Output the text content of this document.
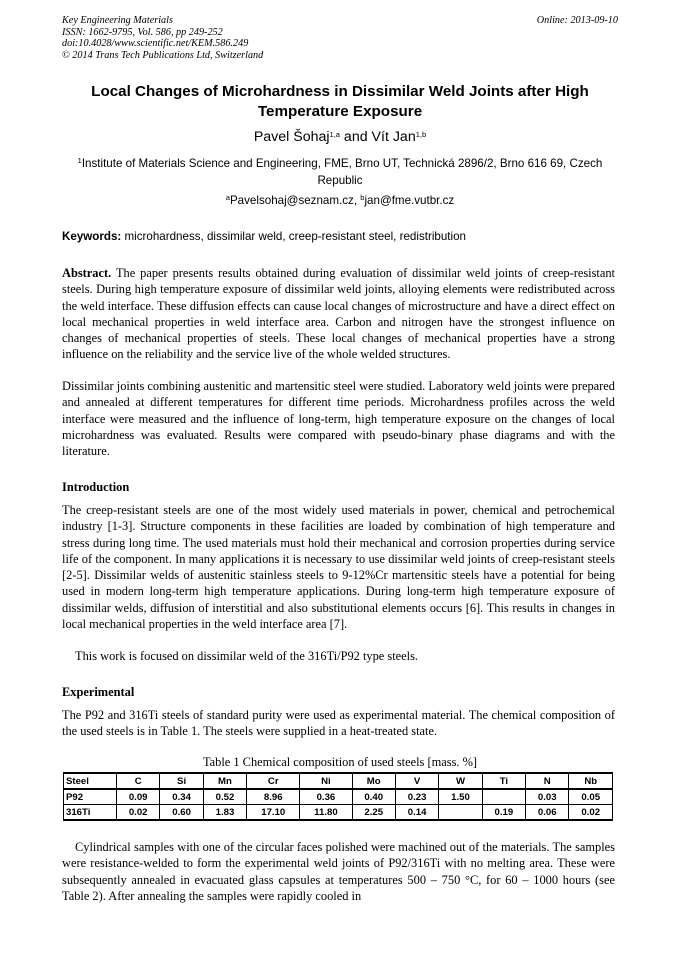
Key Engineering Materials
ISSN: 1662-9795, Vol. 586, pp 249-252
doi:10.4028/www.scientific.net/KEM.586.249
© 2014 Trans Tech Publications Ltd, Switzerland
Online: 2013-09-10
Local Changes of Microhardness in Dissimilar Weld Joints after High Temperature Exposure
Pavel Šohaj$^{1,a}$ and Vít Jan$^{1,b}$
$^1$Institute of Materials Science and Engineering, FME, Brno UT, Technická 2896/2, Brno 616 69, Czech Republic
$^a$Pavelsohaj@seznam.cz, $^b$jan@fme.vutbr.cz
Keywords: microhardness, dissimilar weld, creep-resistant steel, redistribution
Abstract. The paper presents results obtained during evaluation of dissimilar weld joints of creep-resistant steels. During high temperature exposure of dissimilar weld joints, alloying elements were redistributed across the weld interface. These diffusion effects can cause local changes of microstructure and have a direct effect on local mechanical properties in weld interface area. Carbon and nitrogen have the strongest influence on changes of mechanical properties of steels. These local changes of mechanical properties have a strong influence on the reliability and the service live of the whole welded structures.
Dissimilar joints combining austenitic and martensitic steel were studied. Laboratory weld joints were prepared and annealed at different temperatures for different time periods. Microhardness profiles across the weld interface were measured and the influence of long-term, high temperature exposure on the changes of local microhardness was evaluated. Results were compared with pseudo-binary phase diagrams and with the literature.
Introduction
The creep-resistant steels are one of the most widely used materials in power, chemical and petrochemical industry [1-3]. Structure components in these facilities are loaded by combination of high temperature and stress during long time. The used materials must hold their mechanical and corrosion properties during service life of the component. In many applications it is necessary to use dissimilar weld joints of creep-resistant steels [2-5]. Dissimilar welds of austenitic stainless steels to 9-12%Cr martensitic steels have a potential for being used in modern long-term high temperature applications. During long-term high temperature exposure of dissimilar welds, diffusion of interstitial and also substitutional elements occurs [6]. This results in changes in local mechanical properties in the weld interface area [7].
This work is focused on dissimilar weld of the 316Ti/P92 type steels.
Experimental
The P92 and 316Ti steels of standard purity were used as experimental material. The chemical composition of the used steels is in Table 1. The steels were supplied in a heat-treated state.
Table 1 Chemical composition of used steels [mass. %]
Steel	C	Si	Mn	Cr	Ni	Mo	V	W	Ti	N	Nb
P92	0.09	0.34	0.52	8.96	0.36	0.40	0.23	1.50		0.03	0.05
316Ti	0.02	0.60	1.83	17.10	11.80	2.25	0.14		0.19	0.06	0.02
Cylindrical samples with one of the circular faces polished were machined out of the materials. The samples were resistance-welded to form the experimental weld joints of P92/316Ti with no melting area. These were subsequently annealed in evacuated glass capsules at temperatures 500 – 750 °C, for 60 – 1000 hours (see Table 2). After annealing the samples were rapidly cooled in
